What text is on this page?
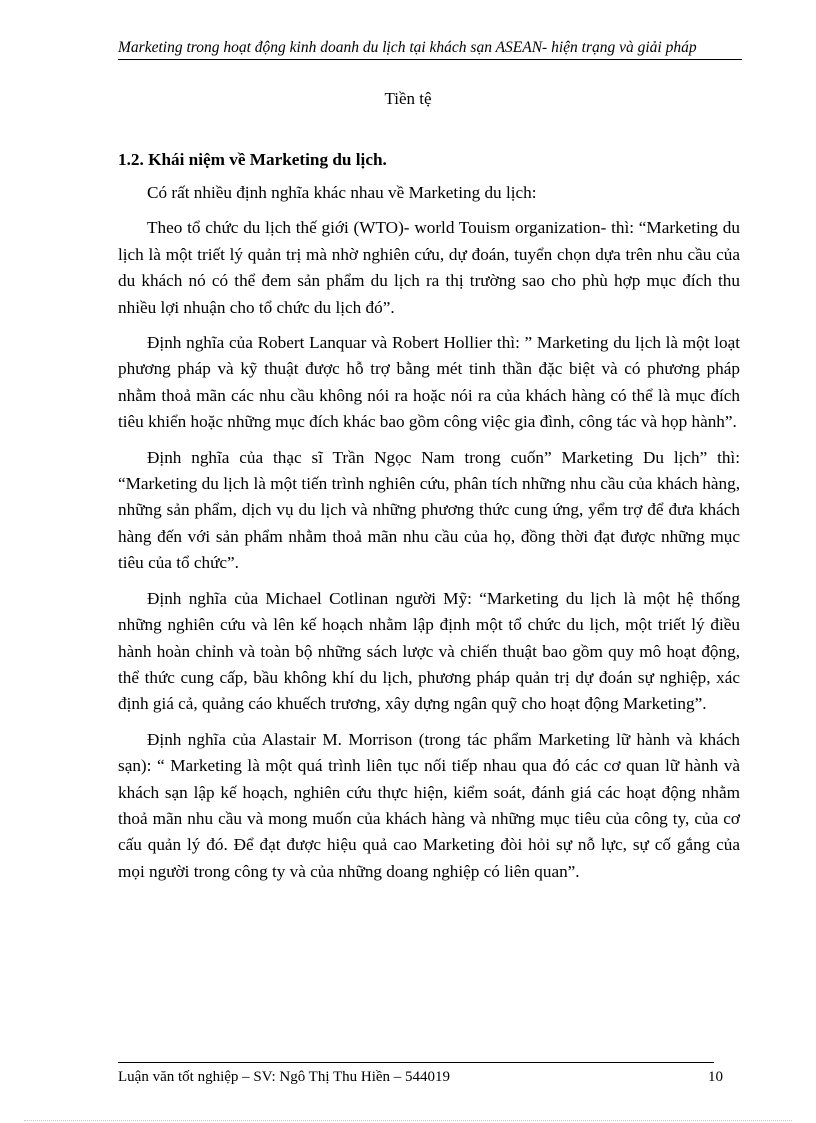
Marketing trong hoạt động kinh doanh du lịch tại khách sạn ASEAN- hiện trạng và giải pháp
Tiền tệ
1.2. Khái niệm về Marketing du lịch.

Có rất nhiều định nghĩa khác nhau về Marketing du lịch:

Theo tổ chức du lịch thế giới (WTO)- world Touism organization- thì: “Marketing du lịch là một triết lý quản trị mà nhờ nghiên cứu, dự đoán, tuyển chọn dựa trên nhu cầu của du khách nó có thể đem sản phẩm du lịch ra thị trường sao cho phù hợp mục đích thu nhiều lợi nhuận cho tổ chức du lịch đó”.

Định nghĩa của Robert Lanquar và Robert Hollier thì: ” Marketing du lịch là một loạt phương pháp và kỹ thuật được hỗ trợ bằng mét tinh thần đặc biệt và có phương pháp nhằm thoả mãn các nhu cầu không nói ra hoặc nói ra của khách hàng có thể là mục đích tiêu khiển hoặc những mục đích khác bao gồm công việc gia đình, công tác và họp hành”.

Định nghĩa của thạc sĩ Trần Ngọc Nam trong cuốn” Marketing Du lịch” thì: “Marketing du lịch là một tiến trình nghiên cứu, phân tích những nhu cầu của khách hàng, những sản phẩm, dịch vụ du lịch và những phương thức cung ứng, yểm trợ để đưa khách hàng đến với sản phẩm nhằm thoả mãn nhu cầu của họ, đồng thời đạt được những mục tiêu của tổ chức”.

Định nghĩa của Michael Cotlinan người Mỹ: “Marketing du lịch là một hệ thống những nghiên cứu và lên kế hoạch nhằm lập định một tổ chức du lịch, một triết lý điều hành hoàn chỉnh và toàn bộ những sách lược và chiến thuật bao gồm quy mô hoạt động, thể thức cung cấp, bầu không khí du lịch, phương pháp quản trị dự đoán sự nghiệp, xác định giá cả, quảng cáo khuếch trương, xây dựng ngân quỹ cho hoạt động Marketing”.

Định nghĩa của Alastair M. Morrison (trong tác phẩm Marketing lữ hành và khách sạn): “ Marketing là một quá trình liên tục nối tiếp nhau qua đó các cơ quan lữ hành và khách sạn lập kế hoạch, nghiên cứu thực hiện, kiểm soát, đánh giá các hoạt động nhằm thoả mãn nhu cầu và mong muốn của khách hàng và những mục tiêu của công ty, của cơ cấu quản lý đó. Để đạt được hiệu quả cao Marketing đòi hỏi sự nỗ lực, sự cố gắng của mọi người trong công ty và của những doang nghiệp có liên quan”.

Luận văn tốt nghiệp – SV: Ngô Thị Thu Hiền – 544019	10
